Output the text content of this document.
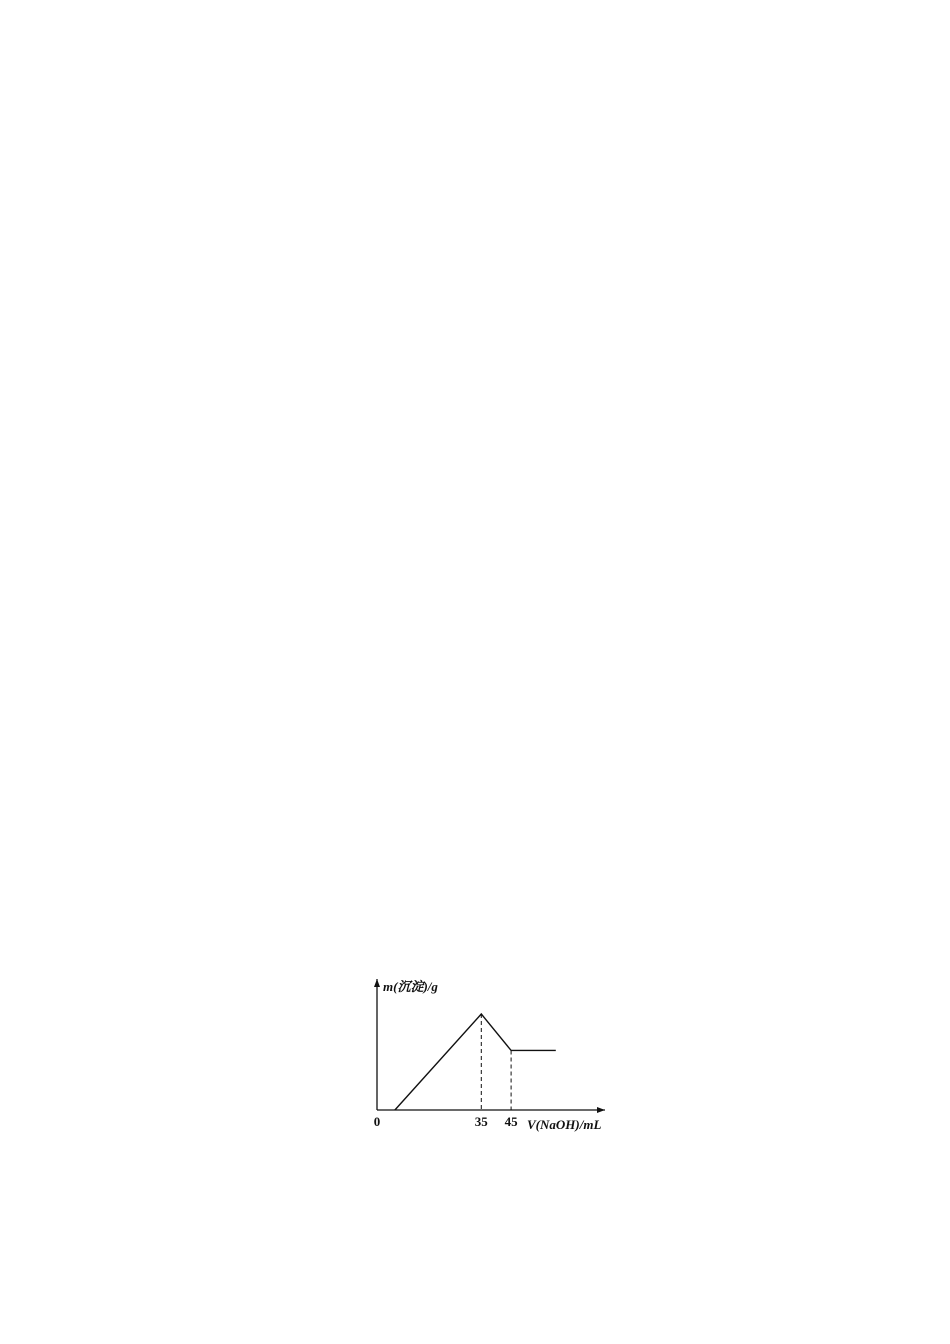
m(沉淀)/g
V(NaOH)/mL
0	35 45
